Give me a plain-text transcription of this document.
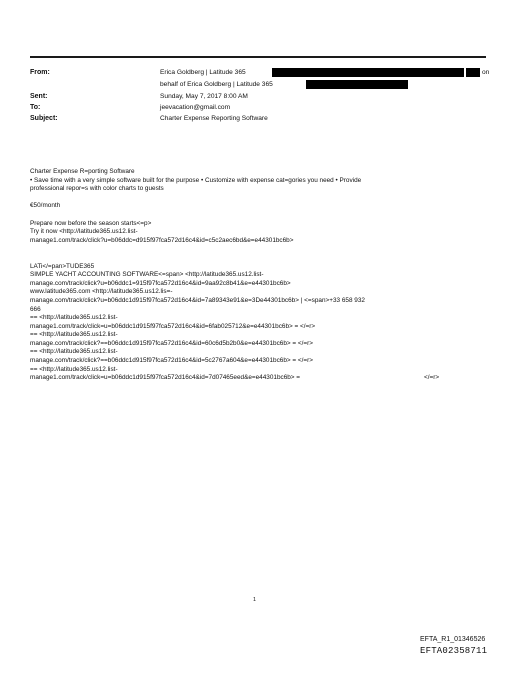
From:	Erica Goldberg | Latitude 365	on
behalf of Erica Goldberg | Latitude 365
Sent:	Sunday, May 7, 2017 8:00 AM
To:	jeevacation@gmail.com
Subject:	Charter Expense Reporting Software
Charter Expense R=porting Software
• Save time with a very simple software built for the purpose • Customize with expense cat=gories you need • Provide
professional repor=s with color charts to guests
€50/month
Prepare now before the season starts<=p>
Try it now <http://latitude365.us12.list-
manage1.com/track/click?u=b06ddc=d915f97fca572d16c4&id=c5c2aec6bd&e=e44301bc6b>
LATi</=pan>TUDE365
SIMPLE YACHT ACCOUNTING SOFTWARE<=span> <http://latitude365.us12.list-
manage.com/track/click?u=b06ddc1=915f97fca572d16c4&id=9aa92c8b41&e=e44301bc6b>
www.latitude365.com <http://latitude365.us12.lis=-
manage.com/track/click?u=b06ddc1d915f97fca572d16c4&id=7a89343e91&e=3De44301bc6b> | <=span>+33 658 932
666
== <http://latitude365.us12.list-
manage1.com/track/click=u=b06ddc1d915f97fca572d16c4&id=6fab025712&e=e44301bc6b> = </=r>
== <http://latitude365.us12.list-
manage.com/track/click?==b06ddc1d915f97fca572d16c4&id=60c6d5b2b0&e=e44301bc6b> = </=r>
== <http://latitude365.us12.list-
manage.com/track/click?==b06ddc1d915f97fca572d16c4&id=5c2767a604&e=e44301bc6b> = </=r>
== <http://latitude365.us12.list-
manage1.com/track/click=u=b06ddc1d915f97fca572d16c4&id=7d07465eed&e=e44301bc6b> =	</=r>
1
EFTA_R1_01346526
EFTA02358711
